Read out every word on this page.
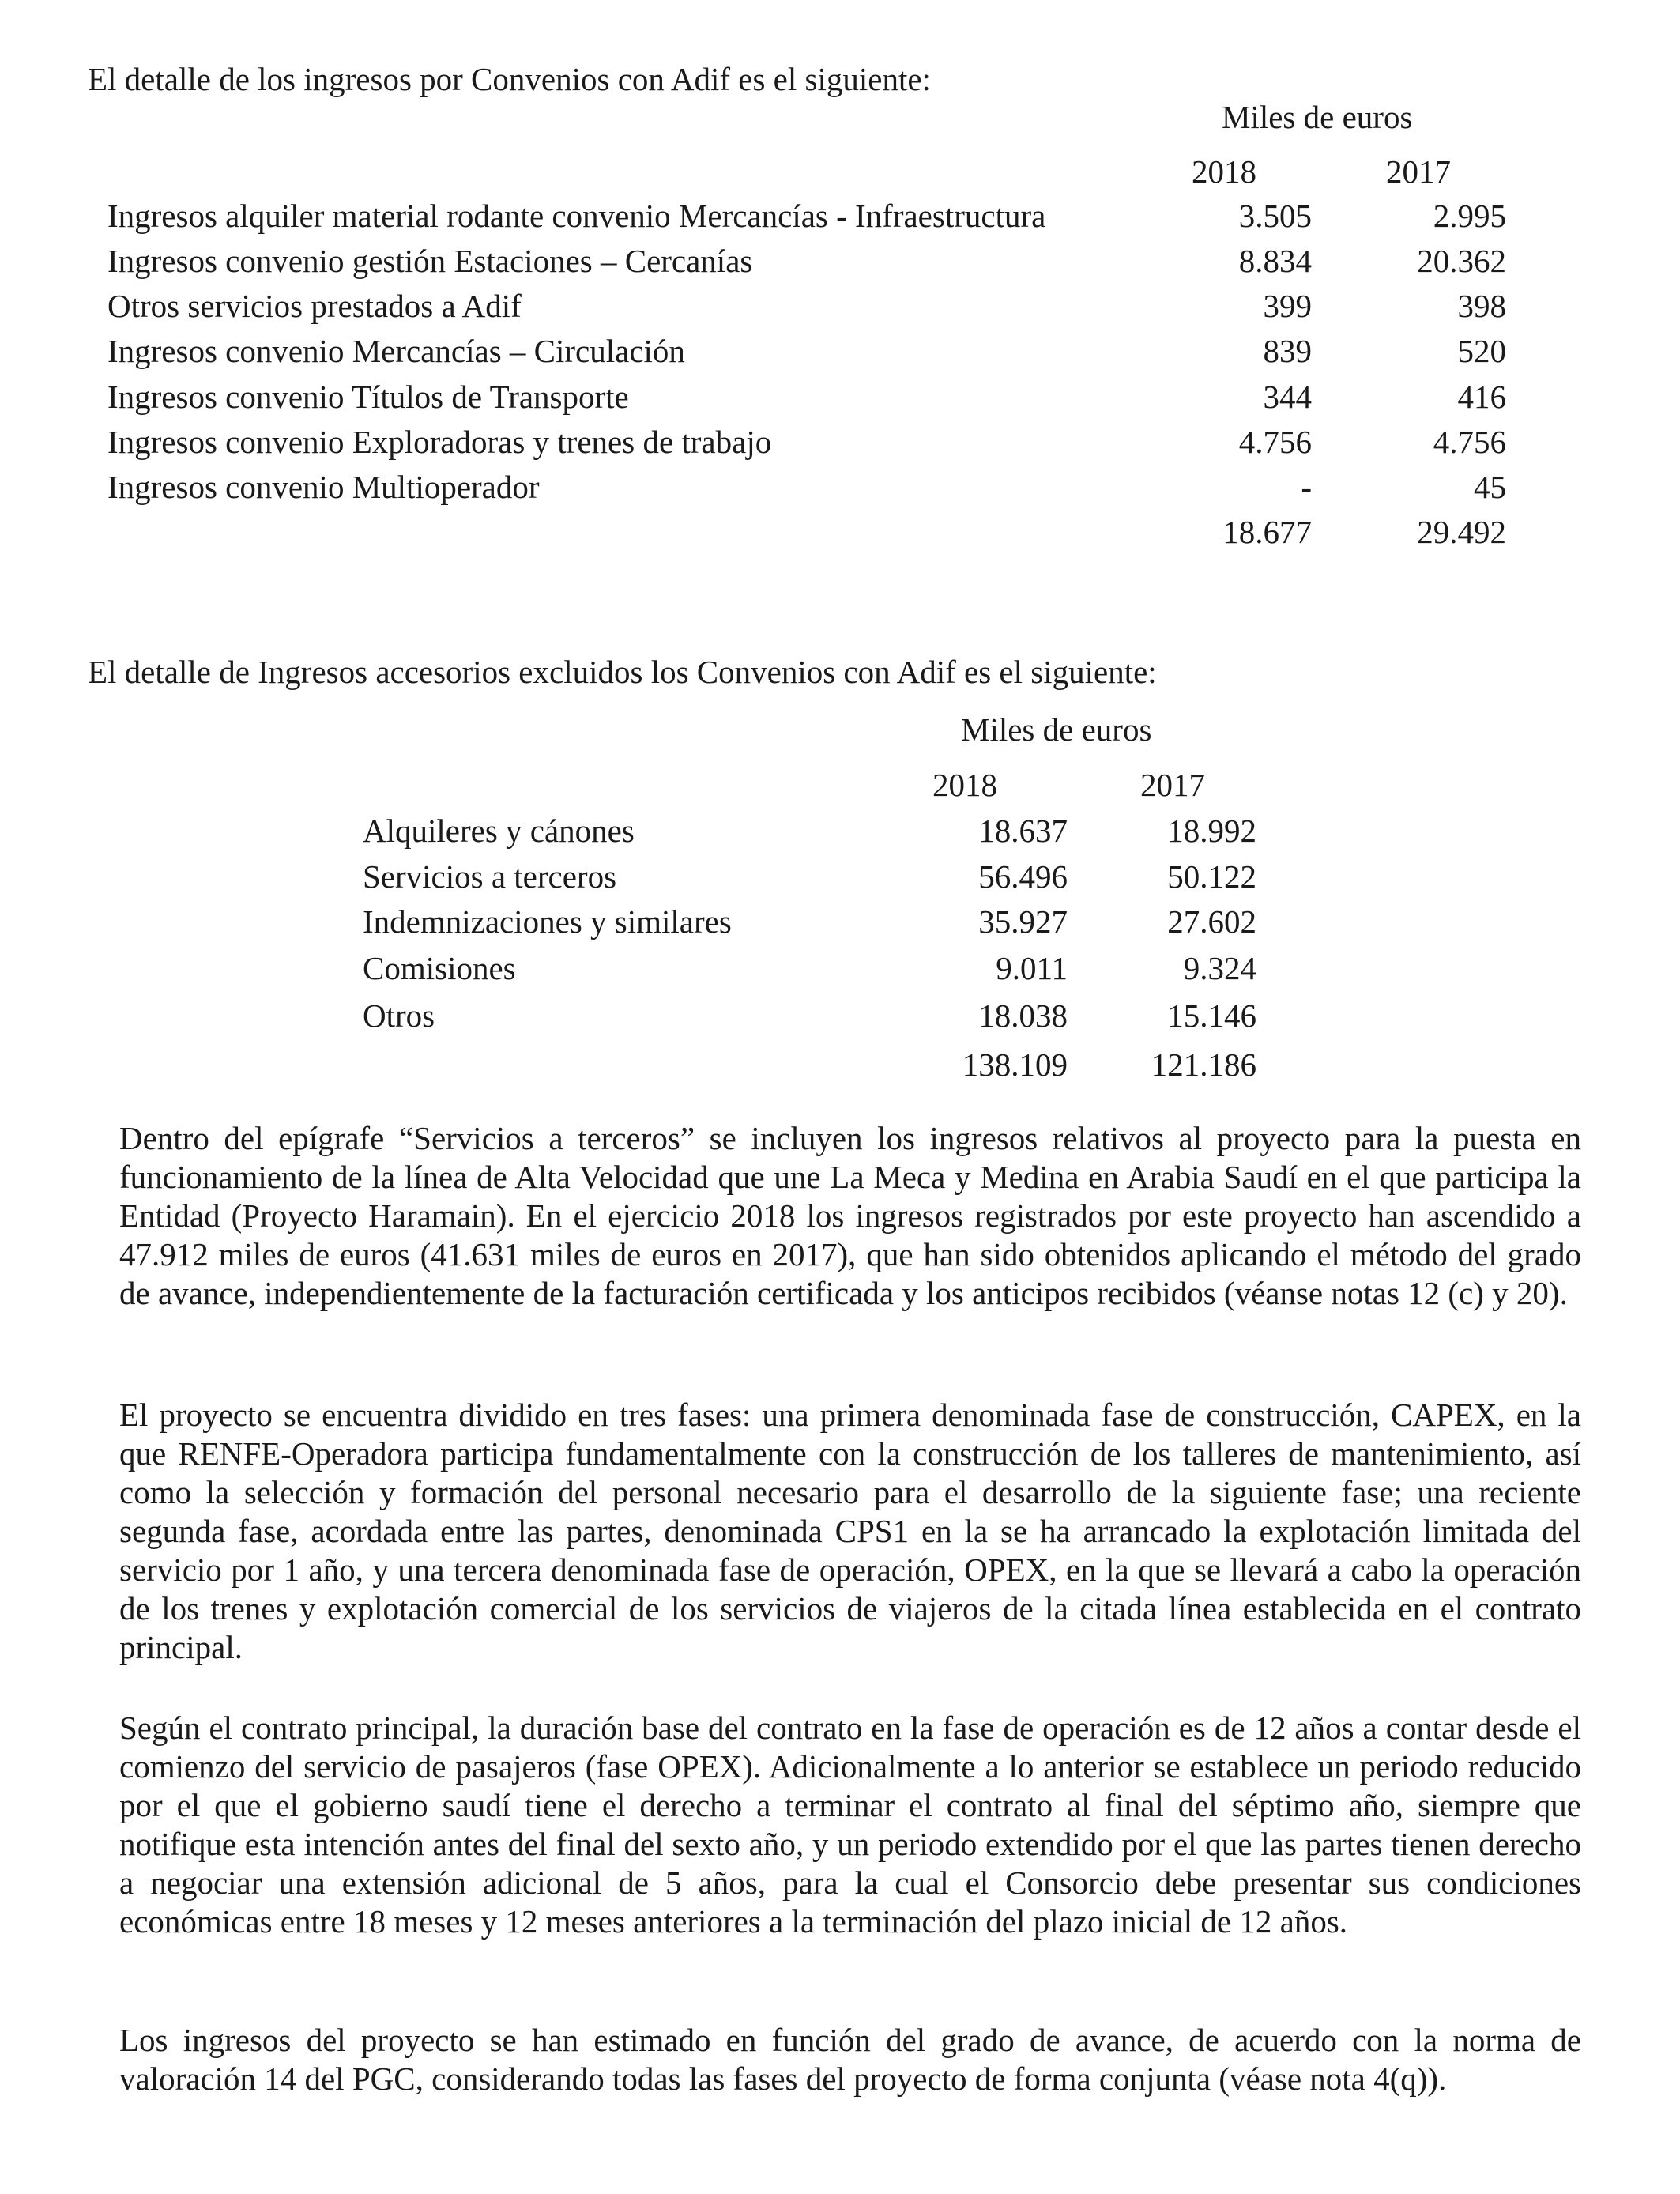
El detalle de los ingresos por Convenios con Adif es el siguiente:
Miles de euros
2018	2017
Ingresos alquiler material rodante convenio Mercancías - Infraestructura	3.505	2.995
Ingresos convenio gestión Estaciones – Cercanías	8.834	20.362
Otros servicios prestados a Adif	399	398
Ingresos convenio Mercancías – Circulación	839	520
Ingresos convenio Títulos de Transporte	344	416
Ingresos convenio Exploradoras y trenes de trabajo	4.756	4.756
Ingresos convenio Multioperador	-	45
18.677	29.492
El detalle de Ingresos accesorios excluidos los Convenios con Adif es el siguiente:
Miles de euros
2018	2017
Alquileres y cánones	18.637	18.992
Servicios a terceros	56.496	50.122
Indemnizaciones y similares	35.927	27.602
Comisiones	9.011	9.324
Otros	18.038	15.146
138.109	121.186

Dentro del epígrafe “Servicios a terceros” se incluyen los ingresos relativos al proyecto para la puesta en funcionamiento de la línea de Alta Velocidad que une La Meca y Medina en Arabia Saudí en el que participa la Entidad (Proyecto Haramain). En el ejercicio 2018 los ingresos registrados por este proyecto han ascendido a 47.912 miles de euros (41.631 miles de euros en 2017), que han sido obtenidos aplicando el método del grado de avance, independientemente de la facturación certificada y los anticipos recibidos (véanse notas 12 (c) y 20).

El proyecto se encuentra dividido en tres fases: una primera denominada fase de construcción, CAPEX, en la que RENFE-Operadora participa fundamentalmente con la construcción de los talleres de mantenimiento, así como la selección y formación del personal necesario para el desarrollo de la siguiente fase; una reciente segunda fase, acordada entre las partes, denominada CPS1 en la se ha arrancado la explotación limitada del servicio por 1 año, y una tercera denominada fase de operación, OPEX, en la que se llevará a cabo la operación de los trenes y explotación comercial de los servicios de viajeros de la citada línea establecida en el contrato principal.

Según el contrato principal, la duración base del contrato en la fase de operación es de 12 años a contar desde el comienzo del servicio de pasajeros (fase OPEX). Adicionalmente a lo anterior se establece un periodo reducido por el que el gobierno saudí tiene el derecho a terminar el contrato al final del séptimo año, siempre que notifique esta intención antes del final del sexto año, y un periodo extendido por el que las partes tienen derecho a negociar una extensión adicional de 5 años, para la cual el Consorcio debe presentar sus condiciones económicas entre 18 meses y 12 meses anteriores a la terminación del plazo inicial de 12 años.

Los ingresos del proyecto se han estimado en función del grado de avance, de acuerdo con la norma de valoración 14 del PGC, considerando todas las fases del proyecto de forma conjunta (véase nota 4(q)).
